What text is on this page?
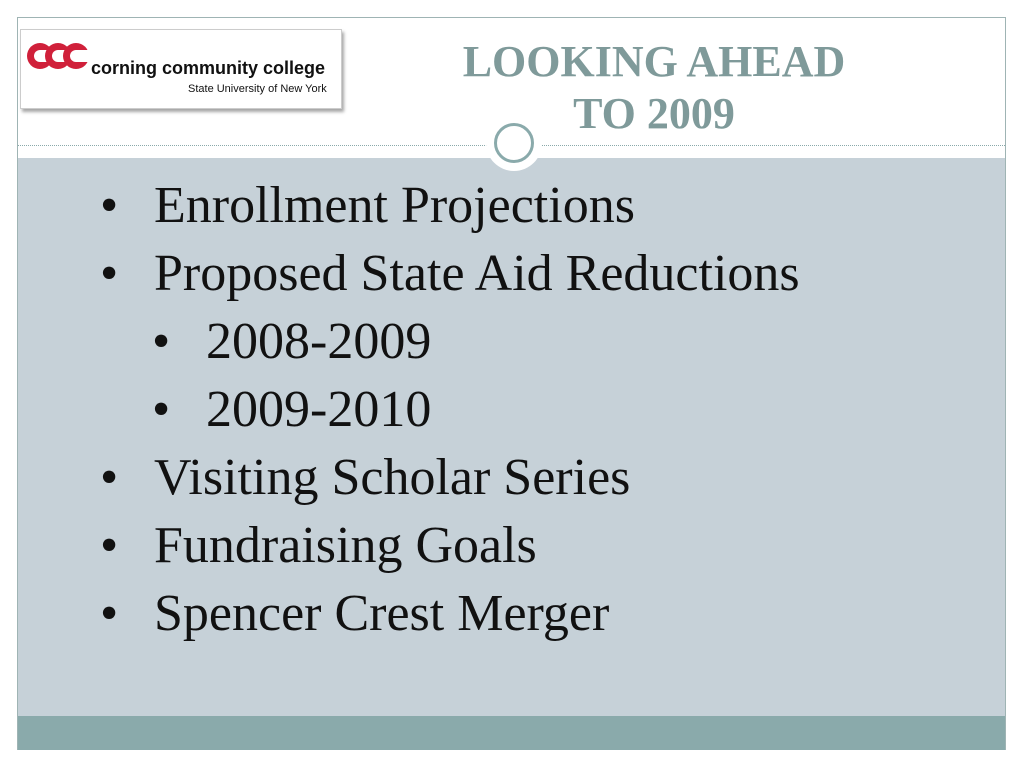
corning community college
State University of New York
LOOKING AHEAD
TO 2009
• Enrollment Projections
• Proposed State Aid Reductions
• 2008-2009
• 2009-2010
• Visiting Scholar Series
• Fundraising Goals
• Spencer Crest Merger
